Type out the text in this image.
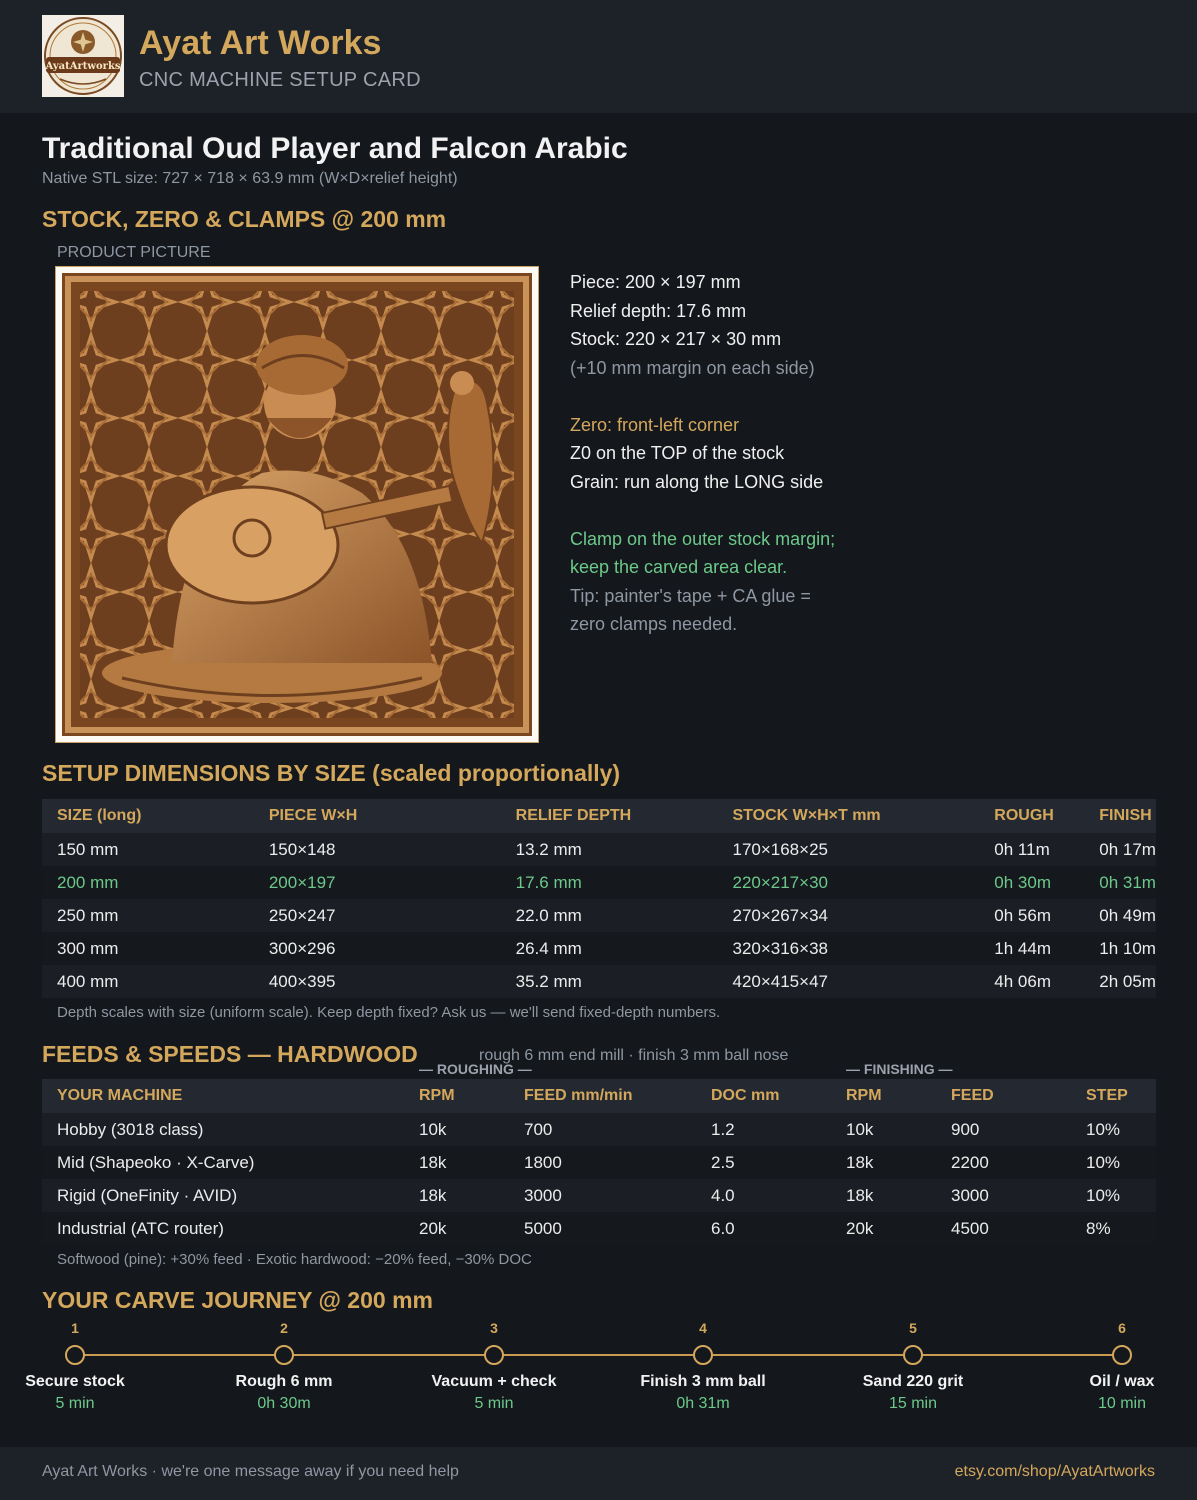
AyatArtworks
Ayat Art Works
CNC MACHINE SETUP CARD
Traditional Oud Player and Falcon Arabic
Native STL size: 727 × 718 × 63.9 mm (W×D×relief height)
STOCK, ZERO & CLAMPS @ 200 mm
PRODUCT PICTURE
Piece: 200 × 197 mm
Relief depth: 17.6 mm
Stock: 220 × 217 × 30 mm
(+10 mm margin on each side)
Zero: front-left corner
Z0 on the TOP of the stock
Grain: run along the LONG side
Clamp on the outer stock margin;
keep the carved area clear.
Tip: painter's tape + CA glue =
zero clamps needed.
SETUP DIMENSIONS BY SIZE (scaled proportionally)
SIZE (long)	PIECE W×H	RELIEF DEPTH	STOCK W×H×T mm	ROUGH	FINISH
150 mm	150×148	13.2 mm	170×168×25	0h 11m	0h 17m
200 mm	200×197	17.6 mm	220×217×30	0h 30m	0h 31m
250 mm	250×247	22.0 mm	270×267×34	0h 56m	0h 49m
300 mm	300×296	26.4 mm	320×316×38	1h 44m	1h 10m
400 mm	400×395	35.2 mm	420×415×47	4h 06m	2h 05m
Depth scales with size (uniform scale). Keep depth fixed? Ask us — we'll send fixed-depth numbers.
FEEDS & SPEEDS — HARDWOOD	rough 6 mm end mill · finish 3 mm ball nose
— ROUGHING —	— FINISHING —
YOUR MACHINE	RPM	FEED mm/min	DOC mm	RPM	FEED	STEP
Hobby (3018 class)	10k	700	1.2	10k	900	10%
Mid (Shapeoko · X-Carve)	18k	1800	2.5	18k	2200	10%
Rigid (OneFinity · AVID)	18k	3000	4.0	18k	3000	10%
Industrial (ATC router)	20k	5000	6.0	20k	4500	8%
Softwood (pine): +30% feed · Exotic hardwood: −20% feed, −30% DOC
YOUR CARVE JOURNEY @ 200 mm
1
Secure stock
5 min
2
Rough 6 mm
0h 30m
3
Vacuum + check
5 min
4
Finish 3 mm ball
0h 31m
5
Sand 220 grit
15 min
6
Oil / wax
10 min
Ayat Art Works · we're one message away if you need help	etsy.com/shop/AyatArtworks
